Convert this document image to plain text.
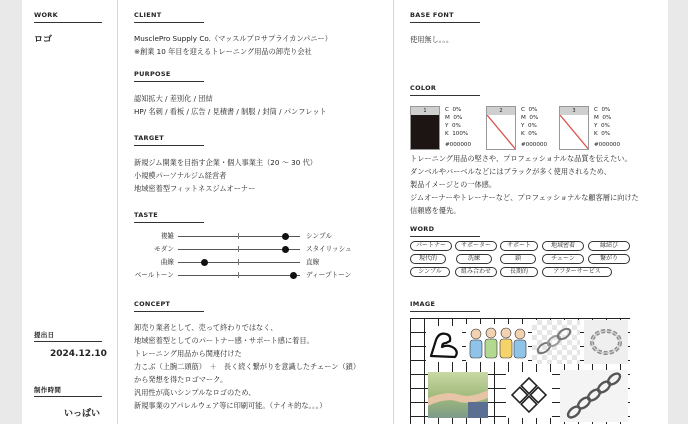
WORK
ロゴ
提出日
2024.12.10
制作時間
いっぱい
CLIENT
MusclePro Supply Co.（マッスルプロサプライカンパニー）
※創業 10 年目を迎えるトレーニング用品の卸売り会社
PURPOSE
認知拡大 / 差別化 / 団結
HP/ 名刺 / 看板 / 広告 / 見積書 / 制服 / 封筒 / パンフレット
TARGET
新規ジム開業を目指す企業・個人事業主（20 〜 30 代）
小規模パーソナルジム経営者
地域密着型フィットネスジムオーナー
TASTE
複雑	シンプル
モダン	スタイリッシュ
曲線	直線
ベールトーン	ディープトーン
CONCEPT
卸売り業者として、売って終わりではなく、
地域密着型としてのパートナー感・サポート感に着目。
トレーニング用品から関連付けた
力こぶ（上腕二頭筋）　＋　長く続く繋がりを意識したチェーン（鎖）
から発想を得たロゴマーク。
汎用性が高いシンプルなロゴのため、
新規事業のアパレルウェア等に印刷可能。（ナイキ的な。。。）
BASE FONT
使用無し。。。
COLOR
1	C  0%
M  0%
Y  0%
K  100%
#000000
2	C  0%
M  0%
Y  0%
K  0%
#000000
3	C  0%
M  0%
Y  0%
K  0%
#000000
トレーニング用品の堅さや、プロフェッショナルな品質を伝えたい。
ダンベルやバーベルなどにはブラックが多く使用されるため、
製品イメージとの一体感。
ジムオーナーやトレーナーなど、プロフェッショナルな顧客層に向けた
信頼感を優先。
WORD
パートナー	サポーター	サポート	地域密着	縁結び
現代的	洗練	鎖	チェーン	繋がり
シンプル	組み合わせ	長期的	アフターサービス
IMAGE
